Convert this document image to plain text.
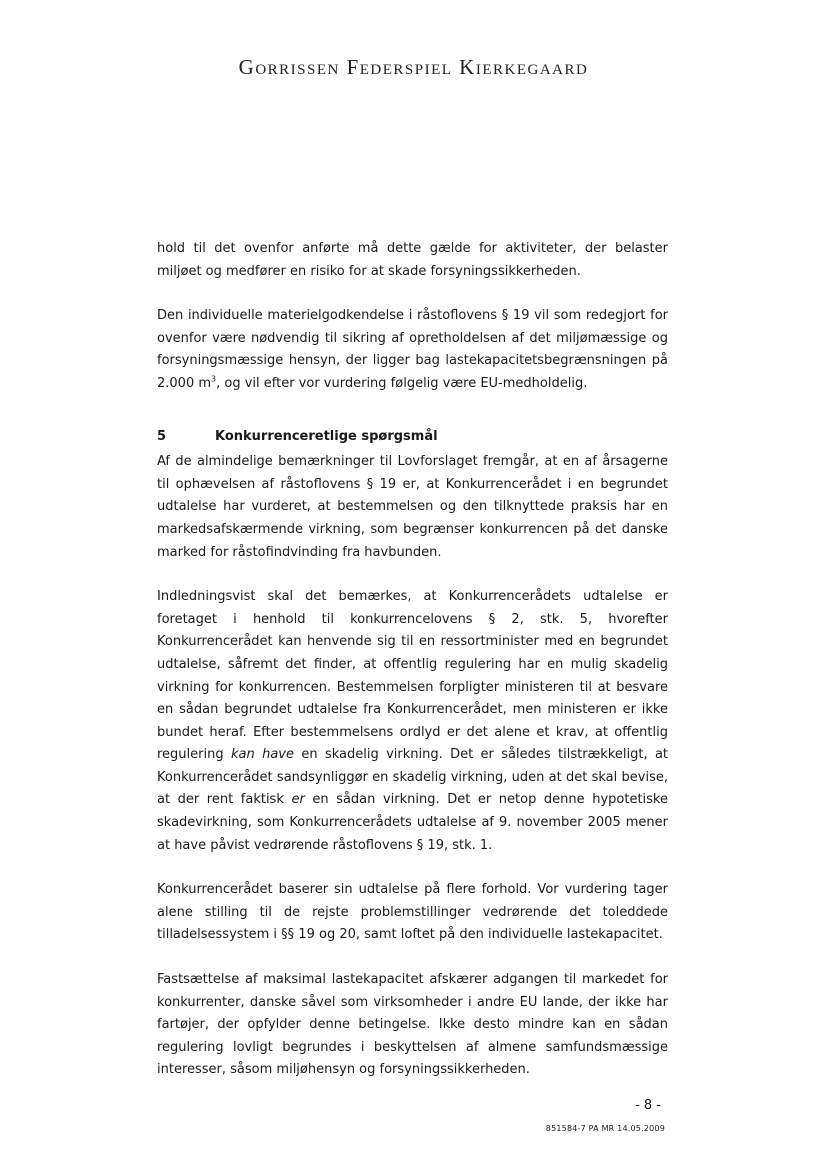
Gorrissen Federspiel Kierkegaard

hold til det ovenfor anførte må dette gælde for aktiviteter, der belaster miljøet og medfører en risiko for at skade forsyningssikkerheden.

Den individuelle materielgodkendelse i råstoflovens § 19 vil som redegjort for ovenfor være nødvendig til sikring af opretholdelsen af det miljømæssige og forsyningsmæssige hensyn, der ligger bag lastekapacitetsbegrænsningen på 2.000 $m^3$, og vil efter vor vurdering følgelig være EU-medholdelig.

5	Konkurrenceretlige spørgsmål

Af de almindelige bemærkninger til Lovforslaget fremgår, at en af årsagerne til ophævelsen af råstoflovens § 19 er, at Konkurrencerådet i en begrundet udtalelse har vurderet, at bestemmelsen og den tilknyttede praksis har en markedsafskærmende virkning, som begrænser konkurrencen på det danske marked for råstofindvinding fra havbunden.

Indledningsvist skal det bemærkes, at Konkurrencerådets udtalelse er foretaget i henhold til konkurrencelovens § 2, stk. 5, hvorefter Konkurrencerådet kan henvende sig til en ressortminister med en begrundet udtalelse, såfremt det finder, at offentlig regulering har en mulig skadelig virkning for konkurrencen. Bestemmelsen forpligter ministeren til at besvare en sådan begrundet udtalelse fra Konkurrencerådet, men ministeren er ikke bundet heraf. Efter bestemmelsens ordlyd er det alene et krav, at offentlig regulering kan have en skadelig virkning. Det er således tilstrækkeligt, at Konkurrencerådet sandsynliggør en skadelig virkning, uden at det skal bevise, at der rent faktisk er en sådan virkning. Det er netop denne hypotetiske skadevirkning, som Konkurrencerådets udtalelse af 9. november 2005 mener at have påvist vedrørende råstoflovens § 19, stk. 1.

Konkurrencerådet baserer sin udtalelse på flere forhold. Vor vurdering tager alene stilling til de rejste problemstillinger vedrørende det toleddede tilladelsessystem i §§ 19 og 20, samt loftet på den individuelle lastekapacitet.

Fastsættelse af maksimal lastekapacitet afskærer adgangen til markedet for konkurrenter, danske såvel som virksomheder i andre EU lande, der ikke har fartøjer, der opfylder denne betingelse. Ikke desto mindre kan en sådan regulering lovligt begrundes i beskyttelsen af almene samfundsmæssige interesser, såsom miljøhensyn og forsyningssikkerheden.

- 8 -
851584-7 PA MR 14.05.2009
